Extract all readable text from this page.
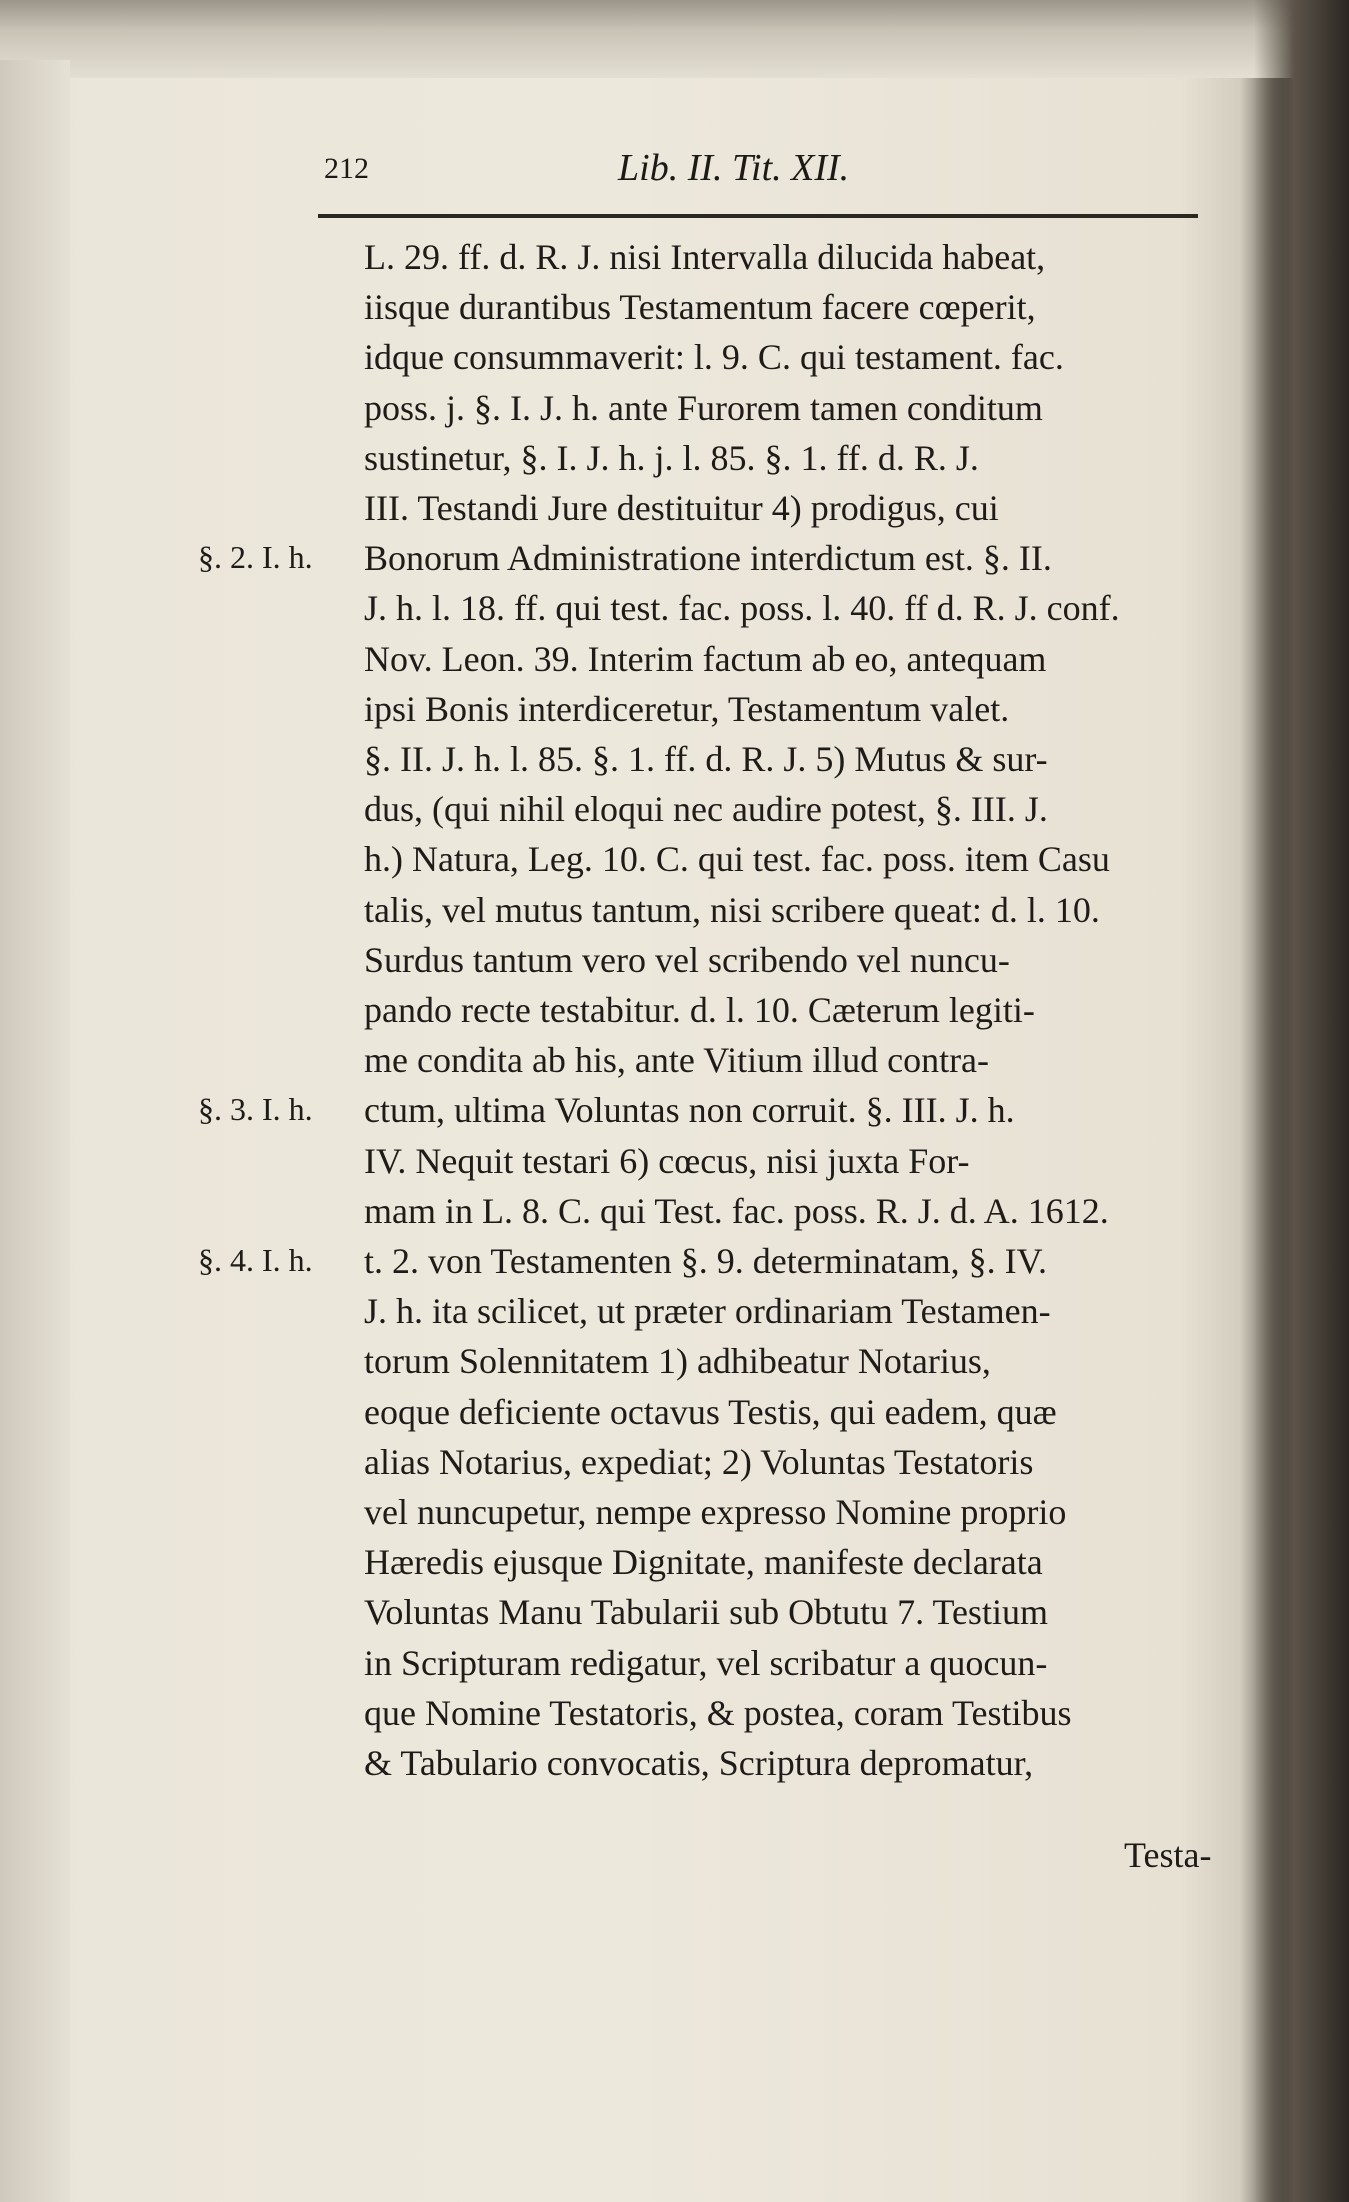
212	Lib. II. Tit. XII.
L. 29. ff. d. R. J. nisi Intervalla dilucida habeat,
iisque durantibus Testamentum facere cœperit,
idque consummaverit: l. 9. C. qui testament. fac.
poss. j. §. I. J. h. ante Furorem tamen conditum
sustinetur, §. I. J. h. j. l. 85. §. 1. ff. d. R. J.
III. Testandi Jure destituitur 4) prodigus, cui
Bonorum Administratione interdictum est. §. II.
J. h. l. 18. ff. qui test. fac. poss. l. 40. ff d. R. J. conf.
Nov. Leon. 39. Interim factum ab eo, antequam
ipsi Bonis interdiceretur, Testamentum valet.
§. II. J. h. l. 85. §. 1. ff. d. R. J. 5) Mutus & sur-
dus, (qui nihil eloqui nec audire potest, §. III. J.
h.) Natura, Leg. 10. C. qui test. fac. poss. item Casu
talis, vel mutus tantum, nisi scribere queat: d. l. 10.
Surdus tantum vero vel scribendo vel nuncu-
pando recte testabitur. d. l. 10. Cæterum legiti-
me condita ab his, ante Vitium illud contra-
ctum, ultima Voluntas non corruit. §. III. J. h.
IV. Nequit testari 6) cœcus, nisi juxta For-
mam in L. 8. C. qui Test. fac. poss. R. J. d. A. 1612.
t. 2. von Testamenten §. 9. determinatam, §. IV.
J. h. ita scilicet, ut præter ordinariam Testamen-
torum Solennitatem 1) adhibeatur Notarius,
eoque deficiente octavus Testis, qui eadem, quæ
alias Notarius, expediat; 2) Voluntas Testatoris
vel nuncupetur, nempe expresso Nomine proprio
Hæredis ejusque Dignitate, manifeste declarata
Voluntas Manu Tabularii sub Obtutu 7. Testium
in Scripturam redigatur, vel scribatur a quocun-
que Nomine Testatoris, & postea, coram Testibus
& Tabulario convocatis, Scriptura depromatur,
§. 2. I. h.
§. 3. I. h.
§. 4. I. h.
Testa-
